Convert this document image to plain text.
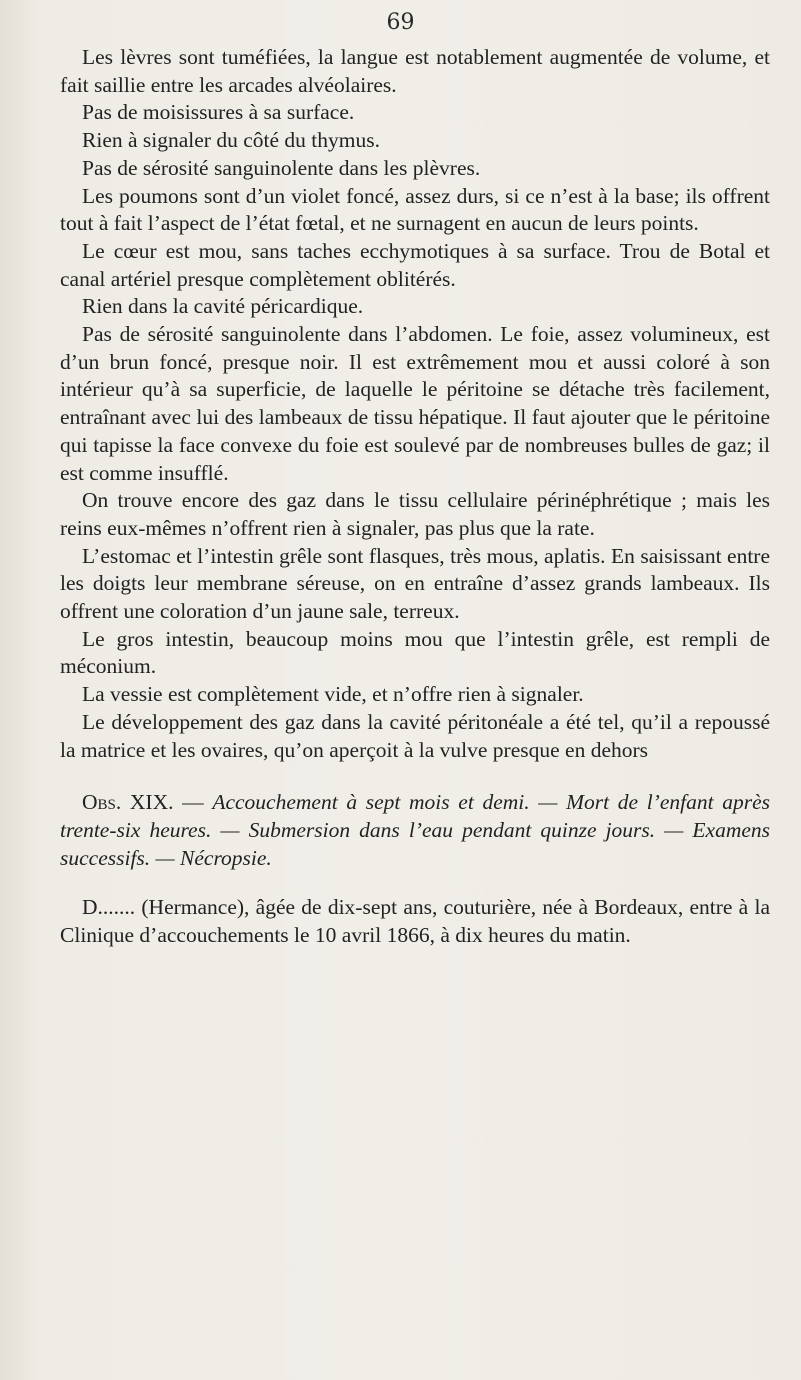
69

Les lèvres sont tuméfiées, la langue est notablement augmentée de volume, et fait saillie entre les arcades alvéolaires.

Pas de moisissures à sa surface.

Rien à signaler du côté du thymus.

Pas de sérosité sanguinolente dans les plèvres.

Les poumons sont d’un violet foncé, assez durs, si ce n’est à la base; ils offrent tout à fait l’aspect de l’état fœtal, et ne surnagent en aucun de leurs points.

Le cœur est mou, sans taches ecchymotiques à sa surface. Trou de Botal et canal artériel presque complètement oblitérés.

Rien dans la cavité péricardique.

Pas de sérosité sanguinolente dans l’abdomen. Le foie, assez volumineux, est d’un brun foncé, presque noir. Il est extrêmement mou et aussi coloré à son intérieur qu’à sa superficie, de laquelle le péritoine se détache très facilement, entraînant avec lui des lambeaux de tissu hépatique. Il faut ajouter que le péritoine qui tapisse la face convexe du foie est soulevé par de nombreuses bulles de gaz; il est comme insufflé.

On trouve encore des gaz dans le tissu cellulaire périnéphrétique ; mais les reins eux-mêmes n’offrent rien à signaler, pas plus que la rate.

L’estomac et l’intestin grêle sont flasques, très mous, aplatis. En saisissant entre les doigts leur membrane séreuse, on en entraîne d’assez grands lambeaux. Ils offrent une coloration d’un jaune sale, terreux.

Le gros intestin, beaucoup moins mou que l’intestin grêle, est rempli de méconium.

La vessie est complètement vide, et n’offre rien à signaler.

Le développement des gaz dans la cavité péritonéale a été tel, qu’il a repoussé la matrice et les ovaires, qu’on aperçoit à la vulve presque en dehors

Obs. XIX. — Accouchement à sept mois et demi. — Mort de l’enfant après trente-six heures. — Submersion dans l’eau pendant quinze jours. — Examens successifs. — Nécropsie.

D....... (Hermance), âgée de dix-sept ans, couturière, née à Bordeaux, entre à la Clinique d’accouchements le 10 avril 1866, à dix heures du matin.
